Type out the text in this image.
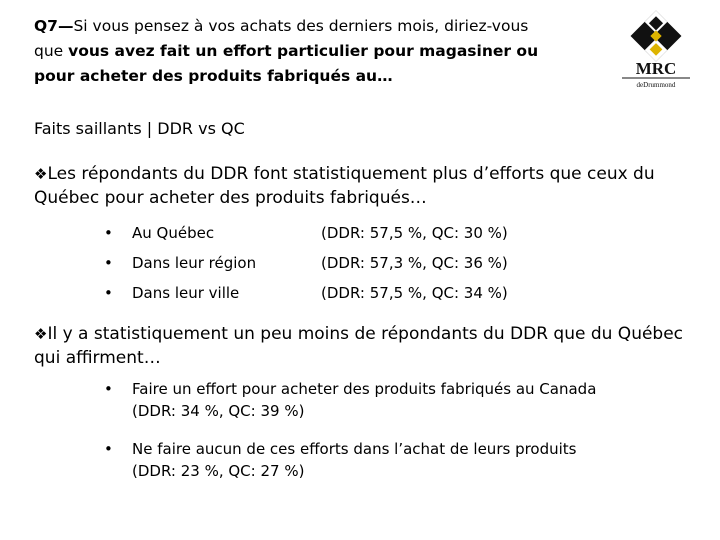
Q7—Si vous pensez à vos achats des derniers mois, diriez-vous que vous avez fait un effort particulier pour magasiner ou pour acheter des produits fabriqués au…	MRC
deDrummond
Faits saillants | DDR vs QC
❖Les répondants du DDR font statistiquement plus d’efforts que ceux du Québec pour acheter des produits fabriqués…
•	Au Québec	(DDR: 57,5 %, QC: 30 %)
•	Dans leur région	(DDR: 57,3 %, QC: 36 %)
•	Dans leur ville	(DDR: 57,5 %, QC: 34 %)
❖Il y a statistiquement un peu moins de répondants du DDR que du Québec qui affirment…
•	Faire un effort pour acheter des produits fabriqués au Canada
(DDR: 34 %, QC: 39 %)
•	Ne faire aucun de ces efforts dans l’achat de leurs produits
(DDR: 23 %, QC: 27 %)
